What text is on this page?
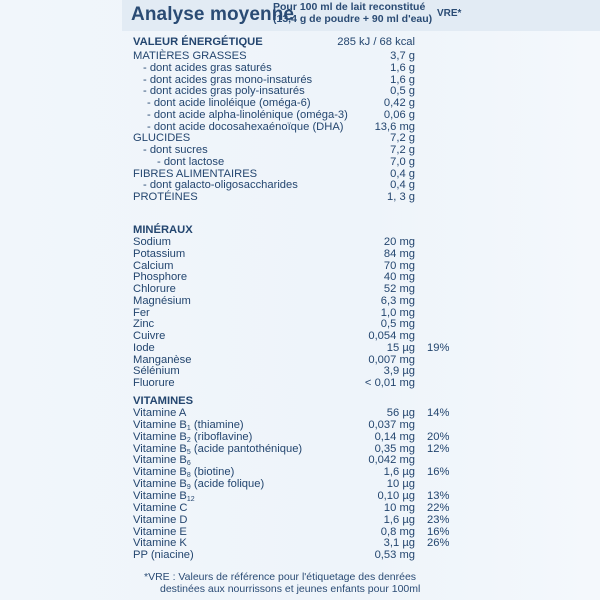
Analyse moyenne
Pour 100 ml de lait reconstitué
(13,4 g de poudre + 90 ml d'eau) VRE*
VALEUR ÉNERGÉTIQUE	285 kJ / 68 kcal
MINÉRAUX
VITAMINES
MATIÈRES GRASSES	3,7 g
- dont acides gras saturés	1,6 g
- dont acides gras mono-insaturés	1,6 g
- dont acides gras poly-insaturés	0,5 g
- dont acide linoléique (oméga-6)	0,42 g
- dont acide alpha-linolénique (oméga-3)	0,06 g
- dont acide docosahexaénoïque (DHA)	13,6 mg
GLUCIDES	7,2 g
- dont sucres	7,2 g
- dont lactose	7,0 g
FIBRES ALIMENTAIRES	0,4 g
- dont galacto-oligosaccharides	0,4 g
PROTÉINES	1, 3 g
Sodium	20 mg
Potassium	84 mg
Calcium	70 mg
Phosphore	40 mg
Chlorure	52 mg
Magnésium	6,3 mg
Fer	1,0 mg
Zinc	0,5 mg
Cuivre	0,054 mg
Iode	15 µg 19%
Manganèse	0,007 mg
Sélénium	3,9 µg
Fluorure	< 0,01 mg
Vitamine A	56 µg 14%
Vitamine $B_1$ (thiamine)	0,037 mg
Vitamine $B_2$ (riboflavine)	0,14 mg 20%
Vitamine $B_5$ (acide pantothénique)	0,35 mg 12%
Vitamine $B_6$	0,042 mg
Vitamine $B_8$ (biotine)	1,6 µg 16%
Vitamine $B_9$ (acide folique)	10 µg
Vitamine $B_{12}$	0,10 µg 13%
Vitamine C	10 mg 22%
Vitamine D	1,6 µg 23%
Vitamine E	0,8 mg 16%
Vitamine K	3,1 µg 26%
PP (niacine)	0,53 mg
*VRE : Valeurs de référence pour l'étiquetage des denrées
destinées aux nourrissons et jeunes enfants pour 100ml
